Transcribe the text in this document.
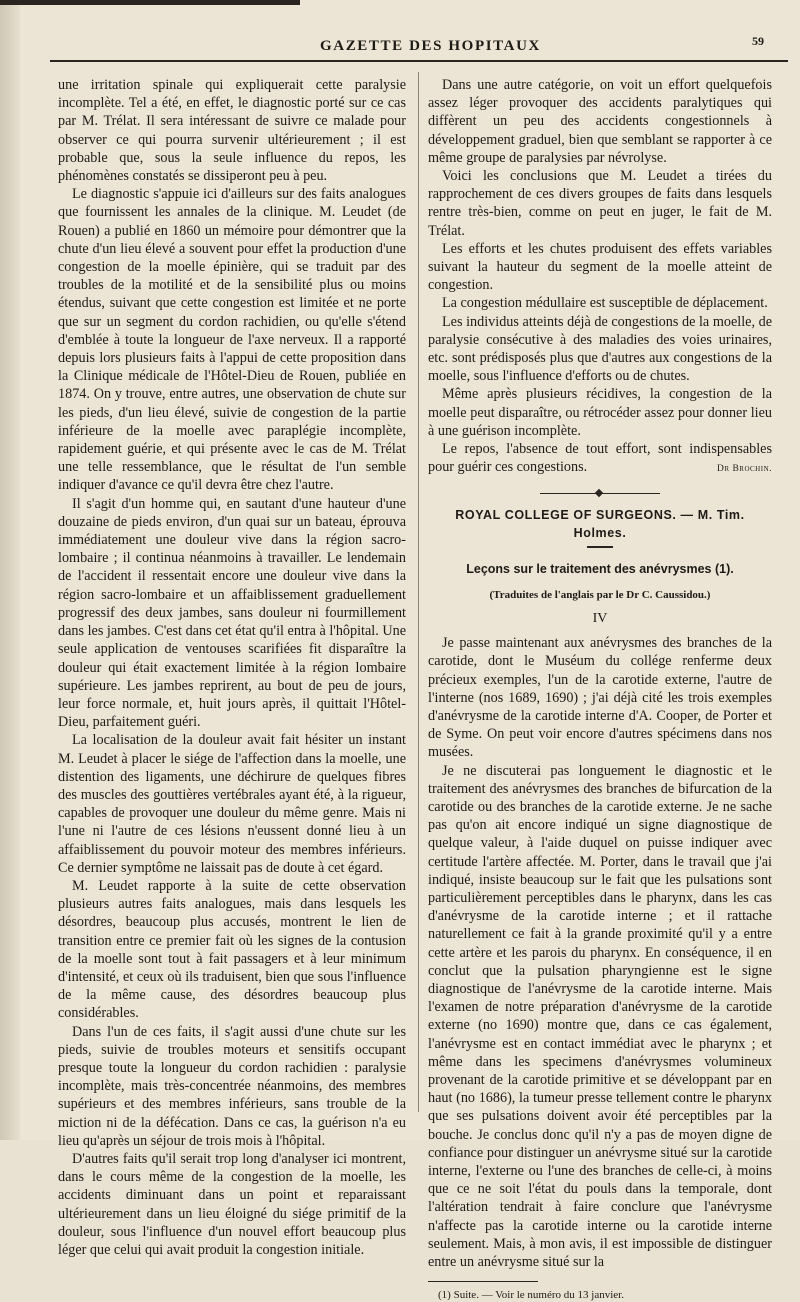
GAZETTE DES HOPITAUX	59

une irritation spinale qui expliquerait cette paralysie incomplète. Tel a été, en effet, le diagnostic porté sur ce cas par M. Trélat. Il sera intéressant de suivre ce malade pour observer ce qui pourra survenir ultérieurement ; il est probable que, sous la seule influence du repos, les phénomènes constatés se dissiperont peu à peu.

Le diagnostic s'appuie ici d'ailleurs sur des faits analogues que fournissent les annales de la clinique. M. Leudet (de Rouen) a publié en 1860 un mémoire pour démontrer que la chute d'un lieu élevé a souvent pour effet la production d'une congestion de la moelle épinière, qui se traduit par des troubles de la motilité et de la sensibilité plus ou moins étendus, suivant que cette congestion est limitée et ne porte que sur un segment du cordon rachidien, ou qu'elle s'étend d'emblée à toute la longueur de l'axe nerveux. Il a rapporté depuis lors plusieurs faits à l'appui de cette proposition dans la Clinique médicale de l'Hôtel-Dieu de Rouen, publiée en 1874. On y trouve, entre autres, une observation de chute sur les pieds, d'un lieu élevé, suivie de congestion de la partie inférieure de la moelle avec paraplégie incomplète, rapidement guérie, et qui présente avec le cas de M. Trélat une telle ressemblance, que le résultat de l'un semble indiquer d'avance ce qu'il devra être chez l'autre.

Il s'agit d'un homme qui, en sautant d'une hauteur d'une douzaine de pieds environ, d'un quai sur un bateau, éprouva immédiatement une douleur vive dans la région sacro-lombaire ; il continua néanmoins à travailler. Le lendemain de l'accident il ressentait encore une douleur vive dans la région sacro-lombaire et un affaiblissement graduellement progressif des deux jambes, sans douleur ni fourmillement dans les jambes. C'est dans cet état qu'il entra à l'hôpital. Une seule application de ventouses scarifiées fit disparaître la douleur qui était exactement limitée à la région lombaire supérieure. Les jambes reprirent, au bout de peu de jours, leur force normale, et, huit jours après, il quittait l'Hôtel-Dieu, parfaitement guéri.

La localisation de la douleur avait fait hésiter un instant M. Leudet à placer le siége de l'affection dans la moelle, une distention des ligaments, une déchirure de quelques fibres des muscles des gouttières vertébrales ayant été, à la rigueur, capables de provoquer une douleur du même genre. Mais ni l'une ni l'autre de ces lésions n'eussent donné lieu à un affaiblissement du pouvoir moteur des membres inférieurs. Ce dernier symptôme ne laissait pas de doute à cet égard.

M. Leudet rapporte à la suite de cette observation plusieurs autres faits analogues, mais dans lesquels les désordres, beaucoup plus accusés, montrent le lien de transition entre ce premier fait où les signes de la contusion de la moelle sont tout à fait passagers et à leur minimum d'intensité, et ceux où ils traduisent, bien que sous l'influence de la même cause, des désordres beaucoup plus considérables.

Dans l'un de ces faits, il s'agit aussi d'une chute sur les pieds, suivie de troubles moteurs et sensitifs occupant presque toute la longueur du cordon rachidien : paralysie incomplète, mais très-concentrée néanmoins, des membres supérieurs et des membres inférieurs, sans trouble de la miction ni de la défécation. Dans ce cas, la guérison n'a eu lieu qu'après un séjour de trois mois à l'hôpital.

D'autres faits qu'il serait trop long d'analyser ici montrent, dans le cours même de la congestion de la moelle, les accidents diminuant dans un point et reparaissant ultérieurement dans un lieu éloigné du siége primitif de la douleur, sous l'influence d'un nouvel effort beaucoup plus léger que celui qui avait produit la congestion initiale.

Dans une autre catégorie, on voit un effort quelquefois assez léger provoquer des accidents paralytiques qui diffèrent un peu des accidents congestionnels à développement graduel, bien que semblant se rapporter à ce même groupe de paralysies par névrolyse.

Voici les conclusions que M. Leudet a tirées du rapprochement de ces divers groupes de faits dans lesquels rentre très-bien, comme on peut en juger, le fait de M. Trélat.

Les efforts et les chutes produisent des effets variables suivant la hauteur du segment de la moelle atteint de congestion.

La congestion médullaire est susceptible de déplacement.

Les individus atteints déjà de congestions de la moelle, de paralysie consécutive à des maladies des voies urinaires, etc. sont prédisposés plus que d'autres aux congestions de la moelle, sous l'influence d'efforts ou de chutes.

Même après plusieurs récidives, la congestion de la moelle peut disparaître, ou rétrocéder assez pour donner lieu à une guérison incomplète.

Le repos, l'absence de tout effort, sont indispensables pour guérir ces congestions.	Dr Brochin.
ROYAL COLLEGE OF SURGEONS. — M. Tim. Holmes.
Leçons sur le traitement des anévrysmes (1).
(Traduites de l'anglais par le Dr C. Caussidou.)
IV

Je passe maintenant aux anévrysmes des branches de la carotide, dont le Muséum du collége renferme deux précieux exemples, l'un de la carotide externe, l'autre de l'interne (nos 1689, 1690) ; j'ai déjà cité les trois exemples d'anévrysme de la carotide interne d'A. Cooper, de Porter et de Syme. On peut voir encore d'autres spécimens dans nos musées.

Je ne discuterai pas longuement le diagnostic et le traitement des anévrysmes des branches de bifurcation de la carotide ou des branches de la carotide externe. Je ne sache pas qu'on ait encore indiqué un signe diagnostique de quelque valeur, à l'aide duquel on puisse indiquer avec certitude l'artère affectée. M. Porter, dans le travail que j'ai indiqué, insiste beaucoup sur le fait que les pulsations sont particulièrement perceptibles dans le pharynx, dans les cas d'anévrysme de la carotide interne ; et il rattache naturellement ce fait à la grande proximité qu'il y a entre cette artère et les parois du pharynx. En conséquence, il en conclut que la pulsation pharyngienne est le signe diagnostique de l'anévrysme de la carotide interne. Mais l'examen de notre préparation d'anévrysme de la carotide externe (no 1690) montre que, dans ce cas également, l'anévrysme est en contact immédiat avec le pharynx ; et même dans les specimens d'anévrysmes volumineux provenant de la carotide primitive et se développant par en haut (no 1686), la tumeur presse tellement contre le pharynx que ses pulsations doivent avoir été perceptibles par la bouche. Je conclus donc qu'il n'y a pas de moyen digne de confiance pour distinguer un anévrysme situé sur la carotide interne, l'externe ou l'une des branches de celle-ci, à moins que ce ne soit l'état du pouls dans la temporale, dont l'altération tendrait à faire conclure que l'anévrysme n'affecte pas la carotide interne ou la carotide interne seulement. Mais, à mon avis, il est impossible de distinguer entre un anévrysme situé sur la

(1) Suite. — Voir le numéro du 13 janvier.
